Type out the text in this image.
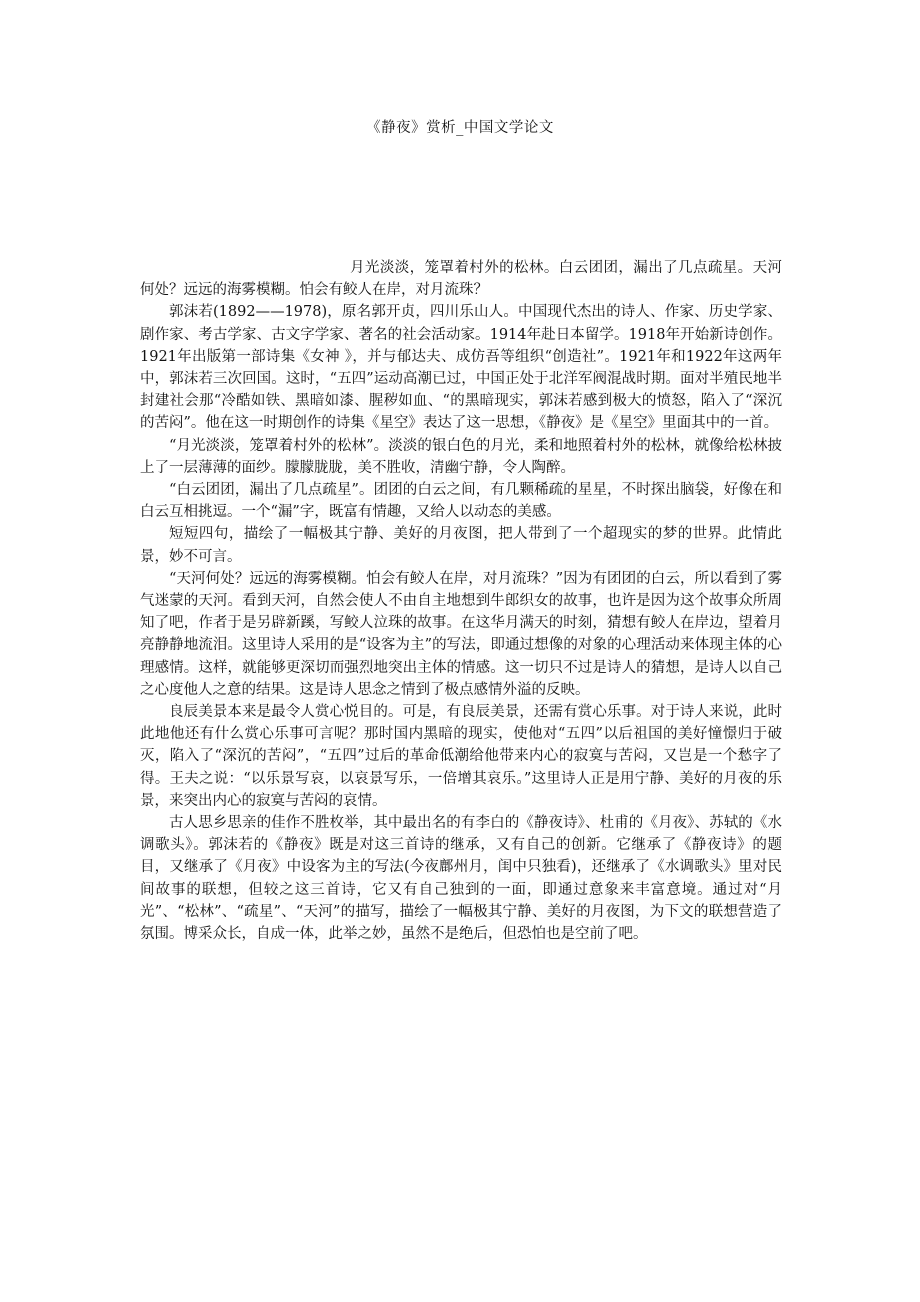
《静夜》赏析_中国文学论文

月光淡淡，笼罩着村外的松林。白云团团，漏出了几点疏星。天河何处？远远的海雾模糊。怕会有鲛人在岸，对月流珠？

郭沫若(1892——1978)，原名郭开贞，四川乐山人。中国现代杰出的诗人、作家、历史学家、剧作家、考古学家、古文字学家、著名的社会活动家。1914年赴日本留学。1918年开始新诗创作。1921年出版第一部诗集《女神 》，并与郁达夫、成仿吾等组织“创造社”。1921年和1922年这两年中，郭沫若三次回国。这时，“五四”运动高潮已过，中国正处于北洋军阀混战时期。面对半殖民地半封建社会那“冷酷如铁、黑暗如漆、腥秽如血、“的黑暗现实，郭沫若感到极大的愤怒，陷入了“深沉的苦闷”。他在这一时期创作的诗集《星空》表达了这一思想，《静夜》是《星空》里面其中的一首。

“月光淡淡，笼罩着村外的松林”。淡淡的银白色的月光，柔和地照着村外的松林，就像给松林披上了一层薄薄的面纱。朦朦胧胧，美不胜收，清幽宁静，令人陶醉。

“白云团团，漏出了几点疏星”。团团的白云之间，有几颗稀疏的星星，不时探出脑袋，好像在和白云互相挑逗。一个“漏”字，既富有情趣，又给人以动态的美感。

短短四句，描绘了一幅极其宁静、美好的月夜图，把人带到了一个超现实的梦的世界。此情此景，妙不可言。

“天河何处？远远的海雾模糊。怕会有鲛人在岸，对月流珠？”因为有团团的白云，所以看到了雾气迷蒙的天河。看到天河，自然会使人不由自主地想到牛郎织女的故事，也许是因为这个故事众所周知了吧，作者于是另辟新蹊，写鲛人泣珠的故事。在这华月满天的时刻，猜想有鲛人在岸边，望着月亮静静地流泪。这里诗人采用的是“设客为主”的写法，即通过想像的对象的心理活动来体现主体的心理感情。这样，就能够更深切而强烈地突出主体的情感。这一切只不过是诗人的猜想，是诗人以自己之心度他人之意的结果。这是诗人思念之情到了极点感情外溢的反映。

良辰美景本来是最令人赏心悦目的。可是，有良辰美景，还需有赏心乐事。对于诗人来说，此时此地他还有什么赏心乐事可言呢？那时国内黑暗的现实，使他对“五四”以后祖国的美好憧憬归于破灭，陷入了“深沉的苦闷”，“五四”过后的革命低潮给他带来内心的寂寞与苦闷，又岂是一个愁字了得。王夫之说：“以乐景写哀，以哀景写乐，一倍增其哀乐。”这里诗人正是用宁静、美好的月夜的乐景，来突出内心的寂寞与苦闷的哀情。

古人思乡思亲的佳作不胜枚举，其中最出名的有李白的《静夜诗》、杜甫的《月夜》、苏轼的《水调歌头》。郭沫若的《静夜》既是对这三首诗的继承，又有自己的创新。它继承了《静夜诗》的题目，又继承了《月夜》中设客为主的写法(今夜鄜州月，闺中只独看)，还继承了《水调歌头》里对民间故事的联想，但较之这三首诗，它又有自己独到的一面，即通过意象来丰富意境。通过对“月光”、“松林”、“疏星”、“天河”的描写，描绘了一幅极其宁静、美好的月夜图，为下文的联想营造了氛围。博采众长，自成一体，此举之妙，虽然不是绝后，但恐怕也是空前了吧。
